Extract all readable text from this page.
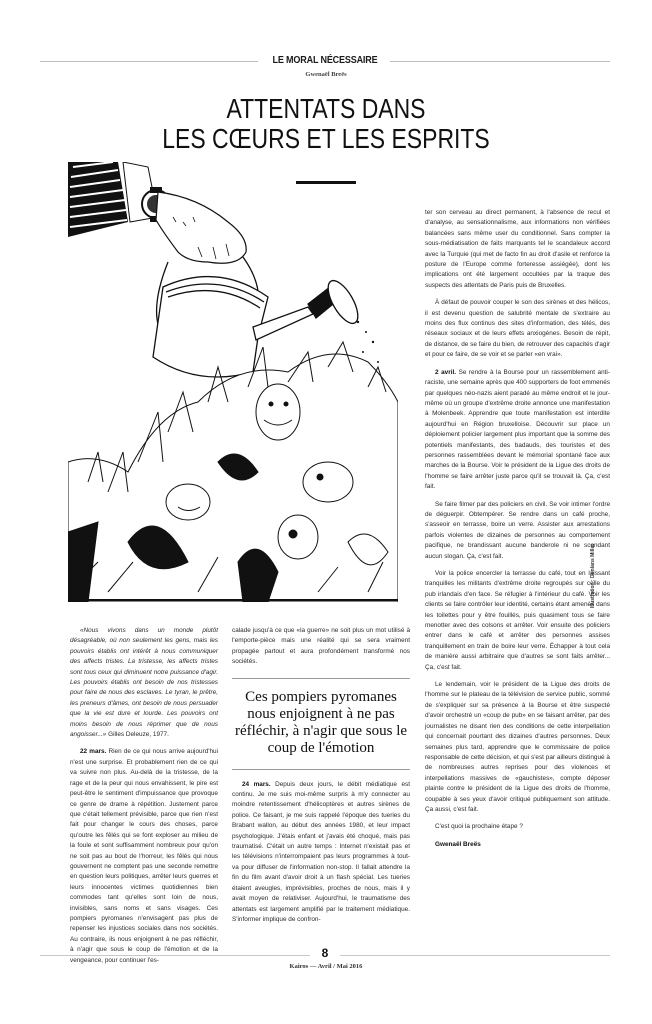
LE MORAL NÉCESSAIRE
Gwenaël Breës
ATTENTATS DANS
LES CŒURS ET LES ESPRITS
Illustration : Donlans Millet

«Nous vivons dans un monde plutôt désagréable, où non seulement les gens, mais les pouvoirs établis ont intérêt à nous communiquer des affects tristes. La tristesse, les affects tristes sont tous ceux qui diminuent notre puissance d'agir. Les pouvoirs établis ont besoin de nos tristesses pour faire de nous des esclaves. Le tyran, le prêtre, les preneurs d'âmes, ont besoin de nous persuader que la vie est dure et lourde. Les pouvoirs ont moins besoin de nous réprimer que de nous angoisser...» Gilles Deleuze, 1977.

22 mars. Rien de ce qui nous arrive aujourd'hui n'est une surprise. Et probablement rien de ce qui va suivre non plus. Au-delà de la tristesse, de la rage et de la peur qui nous envahissent, le pire est peut-être le sentiment d'impuissance que provoque ce genre de drame à répétition. Justement parce que c'était tellement prévisible, parce que rien n'est fait pour changer le cours des choses, parce qu'outre les fêlés qui se font exploser au milieu de la foule et sont suffisamment nombreux pour qu'on ne soit pas au bout de l'horreur, les fêlés qui nous gouvernent ne comptent pas une seconde remettre en question leurs politiques, arrêter leurs guerres et leurs innocentes victimes quotidiennes bien commodes tant qu'elles sont loin de nous, invisibles, sans noms et sans visages. Ces pompiers pyromanes n'envisagent pas plus de repenser les injustices sociales dans nos sociétés. Au contraire, ils nous enjoignent à ne pas réfléchir, à n'agir que sous le coup de l'émotion et de la vengeance, pour continuer l'es-

calade jusqu'à ce que «la guerre» ne soit plus un mot utilisé à l'emporte-pièce mais une réalité qui se sera vraiment propagée partout et aura profondément transformé nos sociétés.

Ces pompiers pyromanes nous enjoignent à ne pas réfléchir, à n'agir que sous le coup de l'émotion

24 mars. Depuis deux jours, le débit médiatique est continu. Je me suis moi-même surpris à m'y connecter au moindre retentissement d'hélicoptères et autres sirènes de police. Ce faisant, je me suis rappelé l'époque des tueries du Brabant wallon, au début des années 1980, et leur impact psychologique. J'étais enfant et j'avais été choqué, mais pas traumatisé. C'était un autre temps : Internet n'existait pas et les télévisions n'interrompaient pas leurs programmes à tout-va pour diffuser de l'information non-stop. Il fallait attendre la fin du film avant d'avoir droit à un flash spécial. Les tueries étaient aveugles, imprévisibles, proches de nous, mais il y avait moyen de relativiser. Aujourd'hui, le traumatisme des attentats est largement amplifié par le traitement médiatique. S'informer implique de confron-

ter son cerveau au direct permanent, à l'absence de recul et d'analyse, au sensationnalisme, aux informations non vérifiées balancées sans même user du conditionnel. Sans compter la sous-médiatisation de faits marquants tel le scandaleux accord avec la Turquie (qui met de facto fin au droit d'asile et renforce la posture de l'Europe comme forteresse assiégée), dont les implications ont été largement occultées par la traque des suspects des attentats de Paris puis de Bruxelles.

À défaut de pouvoir couper le son des sirènes et des hélicos, il est devenu question de salubrité mentale de s'extraire au moins des flux continus des sites d'information, des télés, des réseaux sociaux et de leurs effets anxiogènes. Besoin de répit, de distance, de se faire du bien, de retrouver des capacités d'agir et pour ce faire, de se voir et se parler «en vrai».

2 avril. Se rendre à la Bourse pour un rassemblement anti-raciste, une semaine après que 400 supporters de foot emmenés par quelques néo-nazis aient paradé au même endroit et le jour-même où un groupe d'extrême droite annonce une manifestation à Molenbeek. Apprendre que toute manifestation est interdite aujourd'hui en Région bruxelloise. Découvrir sur place un déploiement policier largement plus important que la somme des potentiels manifestants, des badauds, des touristes et des personnes rassemblées devant le mémorial spontané face aux marches de la Bourse. Voir le président de la Ligue des droits de l'homme se faire arrêter juste parce qu'il se trouvait là. Ça, c'est fait.

Se faire filmer par des policiers en civil. Se voir intimer l'ordre de déguerpir. Obtempérer. Se rendre dans un café proche, s'asseoir en terrasse, boire un verre. Assister aux arrestations parfois violentes de dizaines de personnes au comportement pacifique, ne brandissant aucune banderole ni ne scandant aucun slogan. Ça, c'est fait.

Voir la police encercler la terrasse du café, tout en laissant tranquilles les militants d'extrême droite regroupés sur celle du pub irlandais d'en face. Se réfugier à l'intérieur du café. Voir les clients se faire contrôler leur identité, certains étant amenés dans les toilettes pour y être fouillés, puis quasiment tous se faire menotter avec des colsons et arrêter. Voir ensuite des policiers entrer dans le café et arrêter des personnes assises tranquillement en train de boire leur verre. Échapper à tout cela de manière aussi arbitraire que d'autres se sont faits arrêter... Ça, c'est fait.

Le lendemain, voir le président de la Ligue des droits de l'homme sur le plateau de la télévision de service public, sommé de s'expliquer sur sa présence à la Bourse et être suspecté d'avoir orchestré un «coup de pub» en se faisant arrêter, par des journalistes ne disant rien des conditions de cette interpellation qui concernait pourtant des dizaines d'autres personnes. Deux semaines plus tard, apprendre que le commissaire de police responsable de cette décision, et qui s'est par ailleurs distingué à de nombreuses autres reprises pour des violences et interpellations massives de «gauchistes», compte déposer plainte contre le président de la Ligue des droits de l'homme, coupable à ses yeux d'avoir critiqué publiquement son attitude. Ça aussi, c'est fait.

C'est quoi la prochaine étape ?

Gwenaël Breës

8
Kairos — Avril / Mai 2016
